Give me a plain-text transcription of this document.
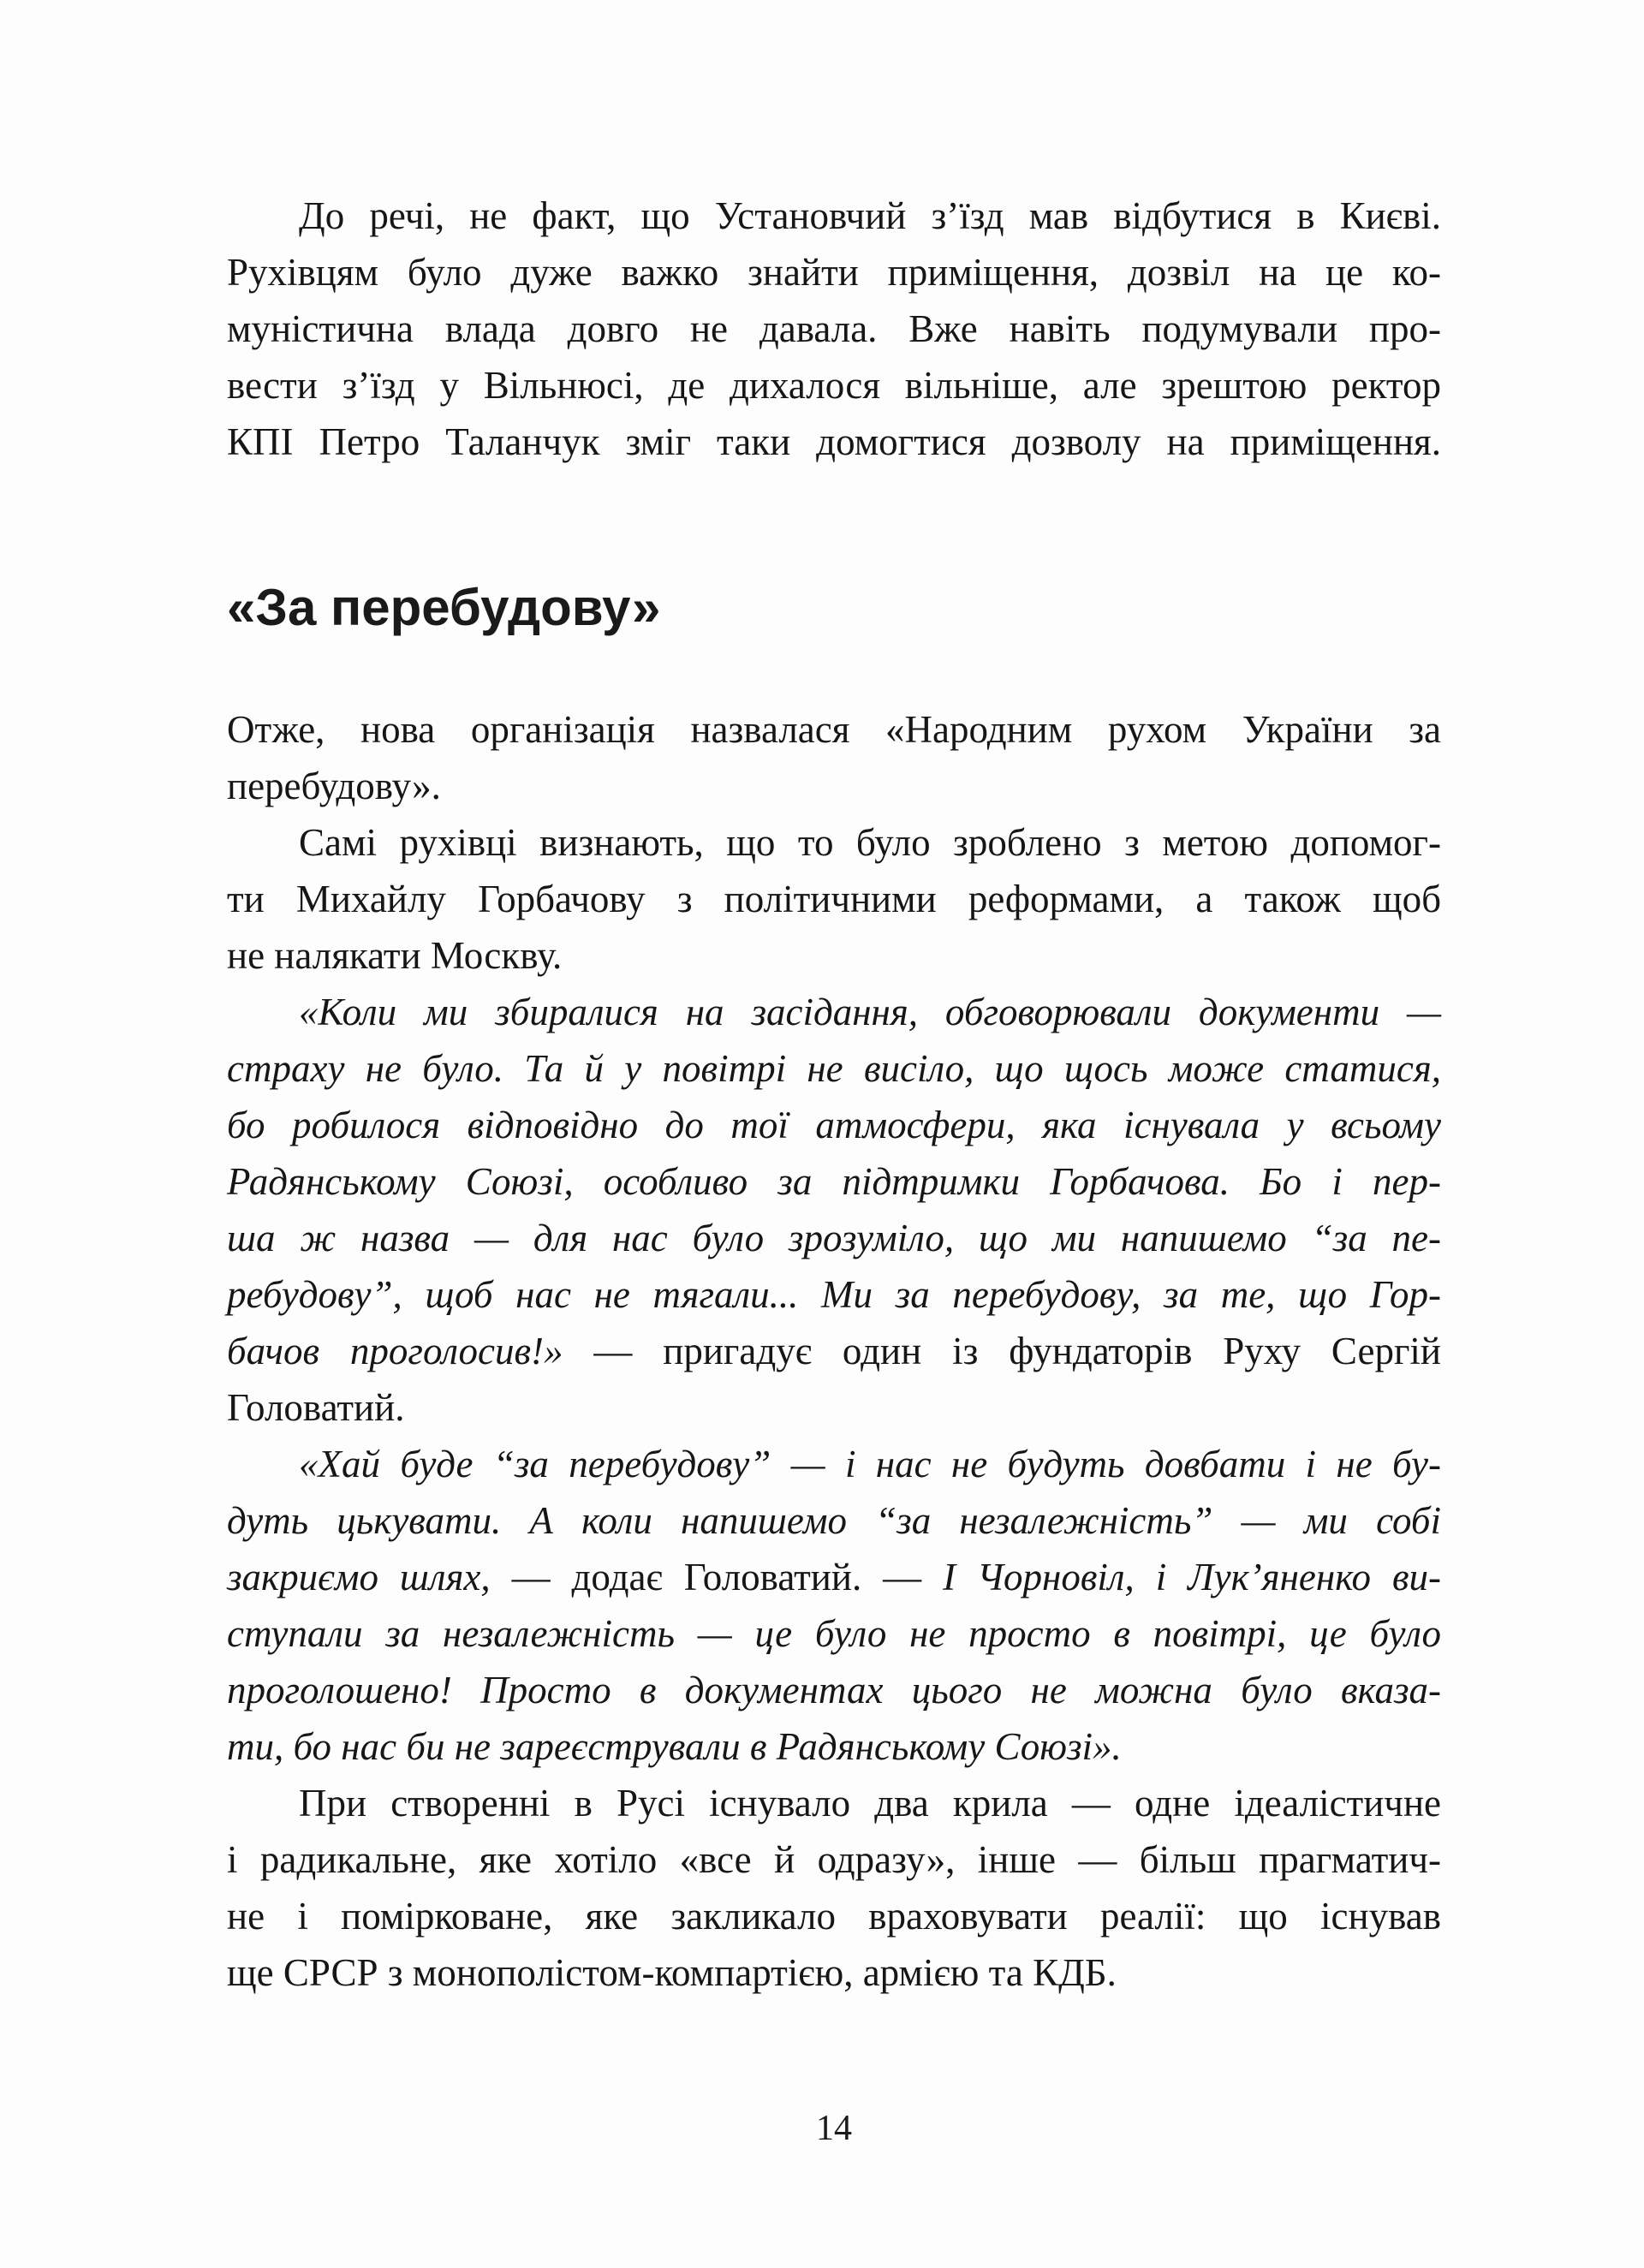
До речі, не факт, що Установчий з’їзд мав відбутися в Києві.
Рухівцям було дуже важко знайти приміщення, дозвіл на це ко-
муністична влада довго не давала. Вже навіть подумували про-
вести з’їзд у Вільнюсі, де дихалося вільніше, але зрештою ректор
КПІ Петро Таланчук зміг таки домогтися дозволу на приміщення.
«За перебудову»
Отже, нова організація назвалася «Народним рухом України за
перебудову».
Самі рухівці визнають, що то було зроблено з метою допомог-
ти Михайлу Горбачову з політичними реформами, а також щоб
не налякати Москву.
«Коли ми збиралися на засідання, обговорювали документи —
страху не було. Та й у повітрі не висіло, що щось може статися,
бо робилося відповідно до тої атмосфери, яка існувала у всьому
Радянському Союзі, особливо за підтримки Горбачова. Бо і пер-
ша ж назва — для нас було зрозуміло, що ми напишемо “за пе-
ребудову”, щоб нас не тягали... Ми за перебудову, за те, що Гор-
бачов проголосив!» — пригадує один із фундаторів Руху Сергій
Головатий.
«Хай буде “за перебудову” — і нас не будуть довбати і не бу-
дуть цькувати. А коли напишемо “за незалежність” — ми собі
закриємо шлях, — додає Головатий. — І Чорновіл, і Лук’яненко ви-
ступали за незалежність — це було не просто в повітрі, це було
проголошено! Просто в документах цього не можна було вказа-
ти, бо нас би не зареєстрували в Радянському Союзі».
При створенні в Русі існувало два крила — одне ідеалістичне
і радикальне, яке хотіло «все й одразу», інше — більш прагматич-
не і помірковане, яке закликало враховувати реалії: що існував
ще СРСР з монополістом-компартією, армією та КДБ.
14
